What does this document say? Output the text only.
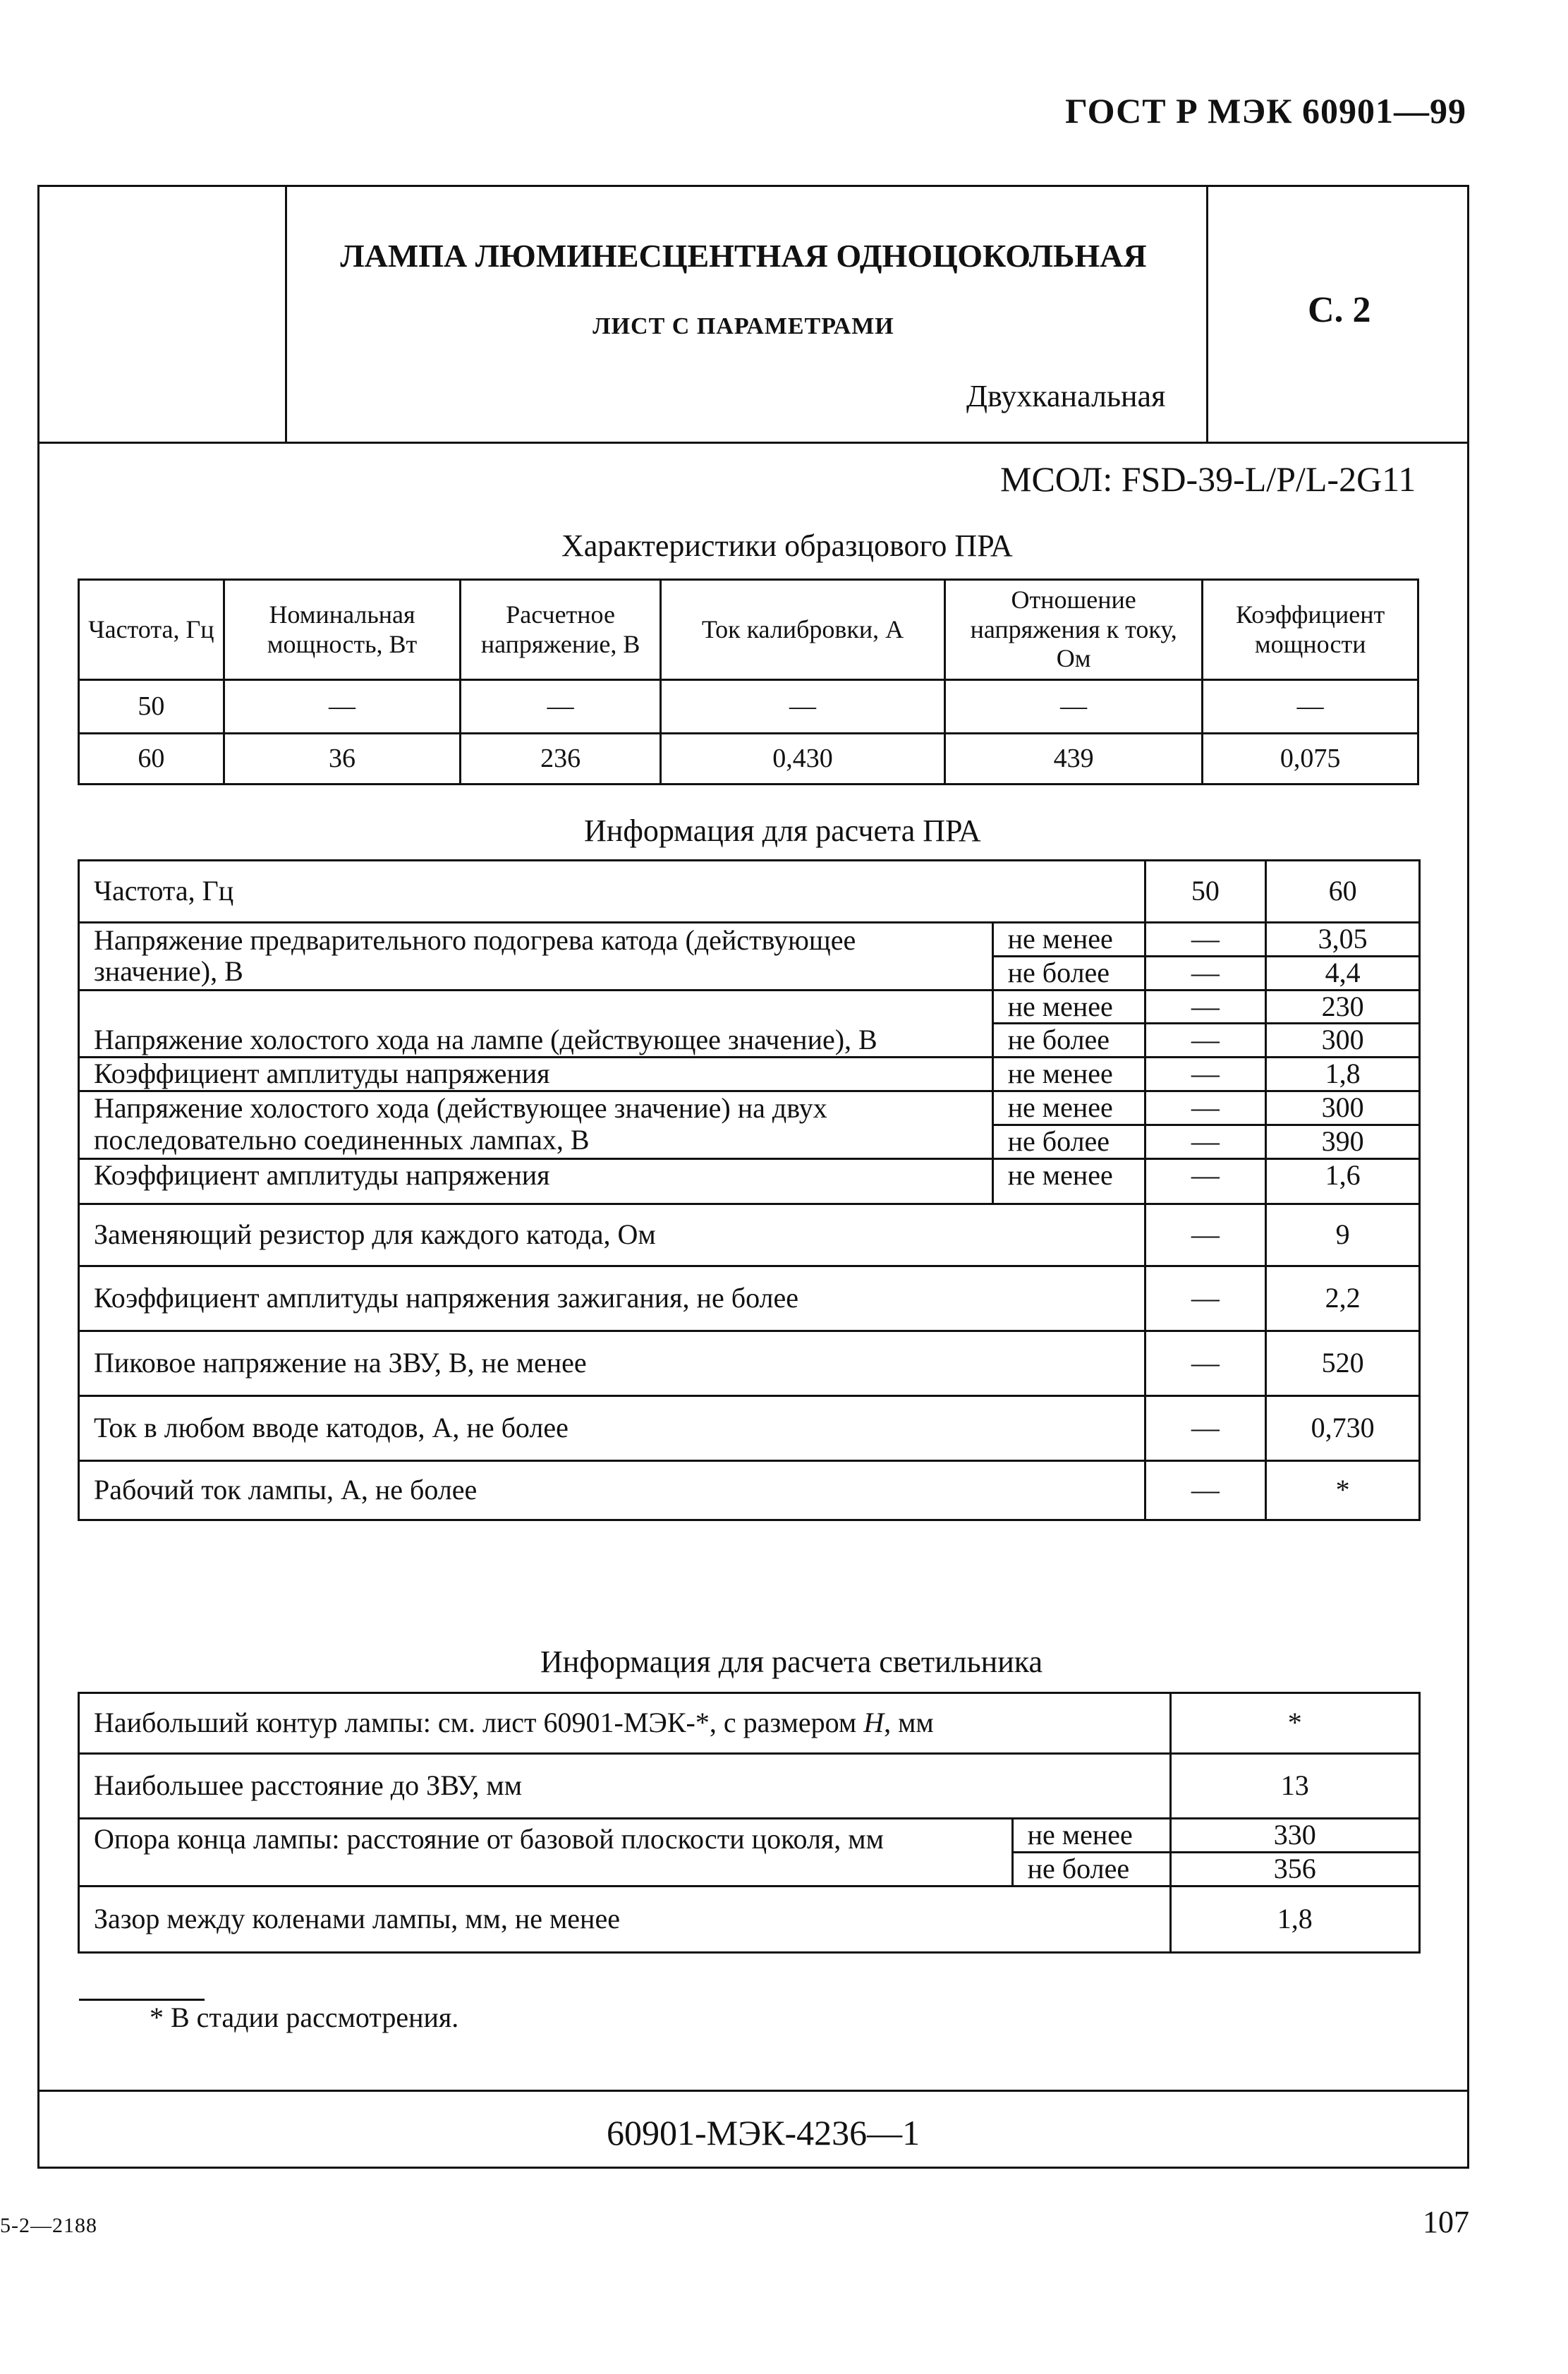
ГОСТ Р МЭК 60901—99
ЛАМПА ЛЮМИНЕСЦЕНТНАЯ ОДНОЦОКОЛЬНАЯ
ЛИСТ С ПАРАМЕТРАМИ
Двухканальная
С. 2
МСОЛ: FSD-39-L/P/L-2G11
Характеристики образцового ПРА
Частота, Гц	Номинальная мощность, Вт	Расчетное напряжение, В	Ток калибровки, А	Отношение напряжения к току, Ом	Коэффициент мощности
50	—	—	—	—	—
60	36	236	0,430	439	0,075
Информация для расчета ПРА
Частота, Гц		50	60
Напряжение предварительного подогрева катода (действующее значение), В	не менее	—	3,05
	не более	—	4,4
Напряжение холостого хода на лампе (действующее значение), В	не менее	—	230
	не более	—	300
Коэффициент амплитуды напряжения	не менее	—	1,8
Напряжение холостого хода (действующее значение) на двух последовательно соединенных лампах, В	не менее	—	300
	не более	—	390
Коэффициент амплитуды напряжения	не менее	—	1,6
Заменяющий резистор для каждого катода, Ом		—	9
Коэффициент амплитуды напряжения зажигания, не более		—	2,2
Пиковое напряжение на ЗВУ, В, не менее		—	520
Ток в любом вводе катодов, А, не более		—	0,730
Рабочий ток лампы, А, не более		—	*
Информация для расчета светильника
Наибольший контур лампы: см. лист 60901-МЭК-*, с размером Н, мм		*
Наибольшее расстояние до ЗВУ, мм		13
Опора конца лампы: расстояние от базовой плоскости цоколя, мм	не менее	330
	не более	356
Зазор между коленами лампы, мм, не менее		1,8
* В стадии рассмотрения.
60901-МЭК-4236—1
5-2—2188	107
